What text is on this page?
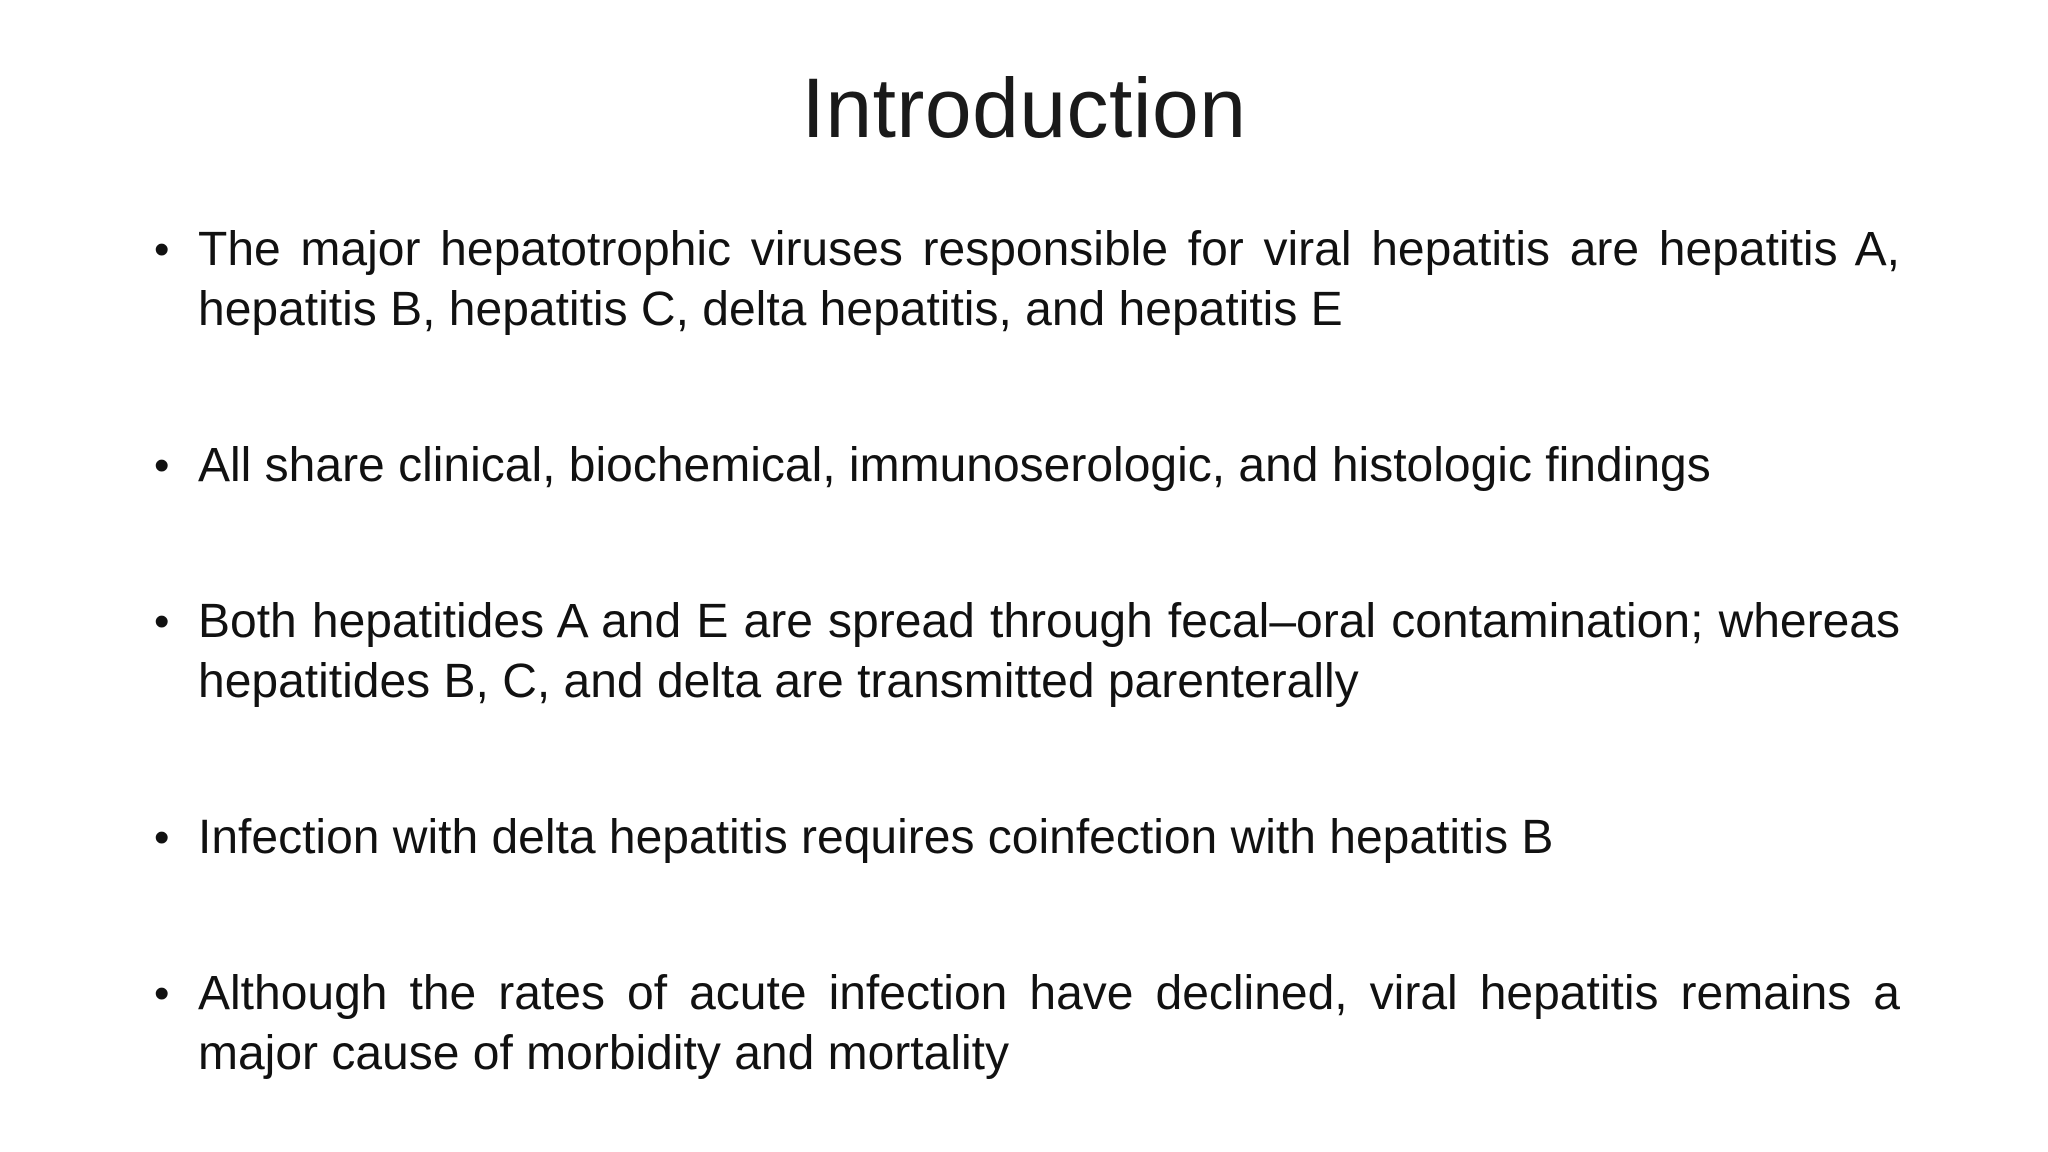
Introduction
• The major hepatotrophic viruses responsible for viral hepatitis are hepatitis A, hepatitis B, hepatitis C, delta hepatitis, and hepatitis E
• All share clinical, biochemical, immunoserologic, and histologic findings
• Both hepatitides A and E are spread through fecal–oral contamination; whereas hepatitides B, C, and delta are transmitted parenterally
• Infection with delta hepatitis requires coinfection with hepatitis B
• Although the rates of acute infection have declined, viral hepatitis remains a major cause of morbidity and mortality
